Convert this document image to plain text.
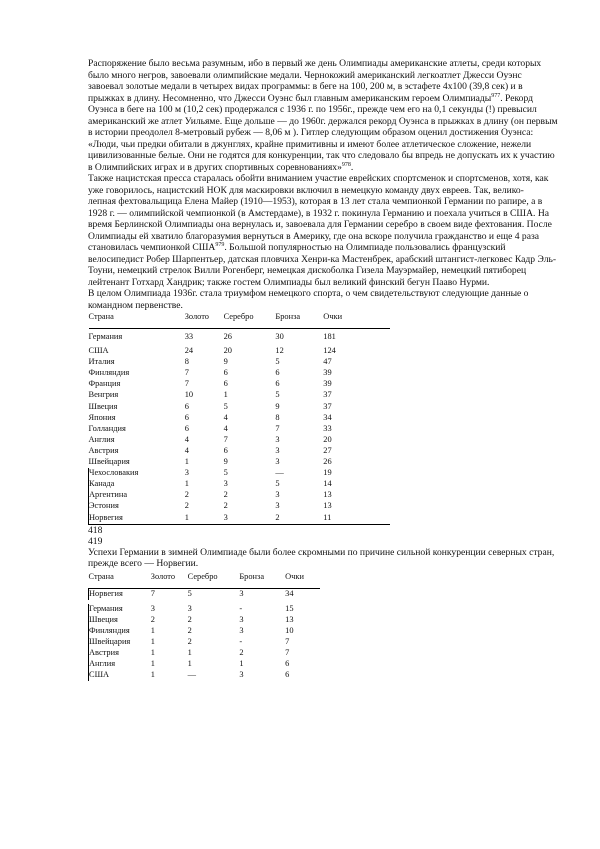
Распоряжение было весьма разумным, ибо в первый же день Олимпиады американские атлеты, среди которых было много негров, завоевали олимпийские медали. Чернокожий американский легкоатлет Джесси Оуэнс завоевал золотые медали в четырех видах программы: в беге на 100, 200 м, в эстафете 4х100 (39,8 сек) и в прыжках в длину. Несомненно, что Джесси Оуэнс был главным американским героем Олимпиады$^{977}$. Рекорд Оуэнса в беге на 100 м (10,2 сек) продержался с 1936 г. по 1956г., прежде чем его на 0,1 секунды (!) превысил американский же атлет Уильяме. Еще дольше — до 1960г. держался рекорд Оуэнса в прыжках в длину (он первым в истории преодолел 8-метровый рубеж — 8,06 м ). Гитлер следующим образом оценил достижения Оуэнса: «Люди, чьи предки обитали в джунглях, крайне примитивны и имеют более атлетическое сложение, нежели цивилизованные белые. Они не годятся для конкуренции, так что следовало бы впредь не допускать их к участию в Олимпийских играх и в других спортивных соревнованиях»$^{978}$.

Также нацистская пресса старалась обойти вниманием участие еврейских спортсменок и спортсменов, хотя, как уже говорилось, нацистский НОК для маскировки включил в немецкую команду двух евреев. Так, велико-

лепная фехтовальщица Елена Майер (1910—1953), которая в 13 лет стала чемпионкой Германии по рапире, а в 1928 г. — олимпийской чемпионкой (в Амстердаме), в 1932 г. покинула Германию и поехала учиться в США. На время Берлинской Олимпиады она вернулась и, завоевала для Германии серебро в своем виде фехтования. После Олимпиады ей хватило благоразумия вернуться в Америку, где она вскоре получила гражданство и еще 4 раза становилась чемпионкой США$^{979}$. Большой популярностью на Олимпиаде пользовались французский велосипедист Робер Шарпентьер, датская пловчиха Хенри-ка Мастенбрек, арабский штангист-легковес Кадр Эль-Тоуни, немецкий стрелок Вилли Рогенберг, немецкая дискоболка Гизела Мауэрмайер, немецкий пятиборец лейтенант Готхард Хандрик; также гостем Олимпиады был великий финский бегун Пааво Нурми.

В целом Олимпиада 1936г. стала триумфом немецкого спорта, о чем свидетельствуют следующие данные о командном первенстве.

Страна	Золото	Серебро	Бронза	Очки

Германия	33	26	30	181

США	24	20	12	124
Италия	8	9	5	47
Финляндия	7	6	6	39
Франция	7	6	6	39
Венгрия	10	1	5	37
Швеция	6	5	9	37
Япония	6	4	8	34
Голландия	6	4	7	33
Англия	4	7	3	20
Австрия	4	6	3	27
Швейцария	1	9	3	26
Чехословакия	3	5	—	19
Канада	1	3	5	14
Аргентина	2	2	3	13
Эстония	2	2	3	13
Норвегия	1	3	2	11

418

419

Успехи Германии в зимней Олимпиаде были более скромными по причине сильной конкуренции северных стран, прежде всего — Норвегии.

Страна	Золото	Серебро	Бронза	Очки
Норвегия	7	5	3	34

Германия	3	3	-	15
Швеция	2	2	3	13
Финляндия	1	2	3	10
Швейцария	1	2	-	7
Австрия	1	1	2	7
Англия	1	1	1	6
США	1	—	3	6
